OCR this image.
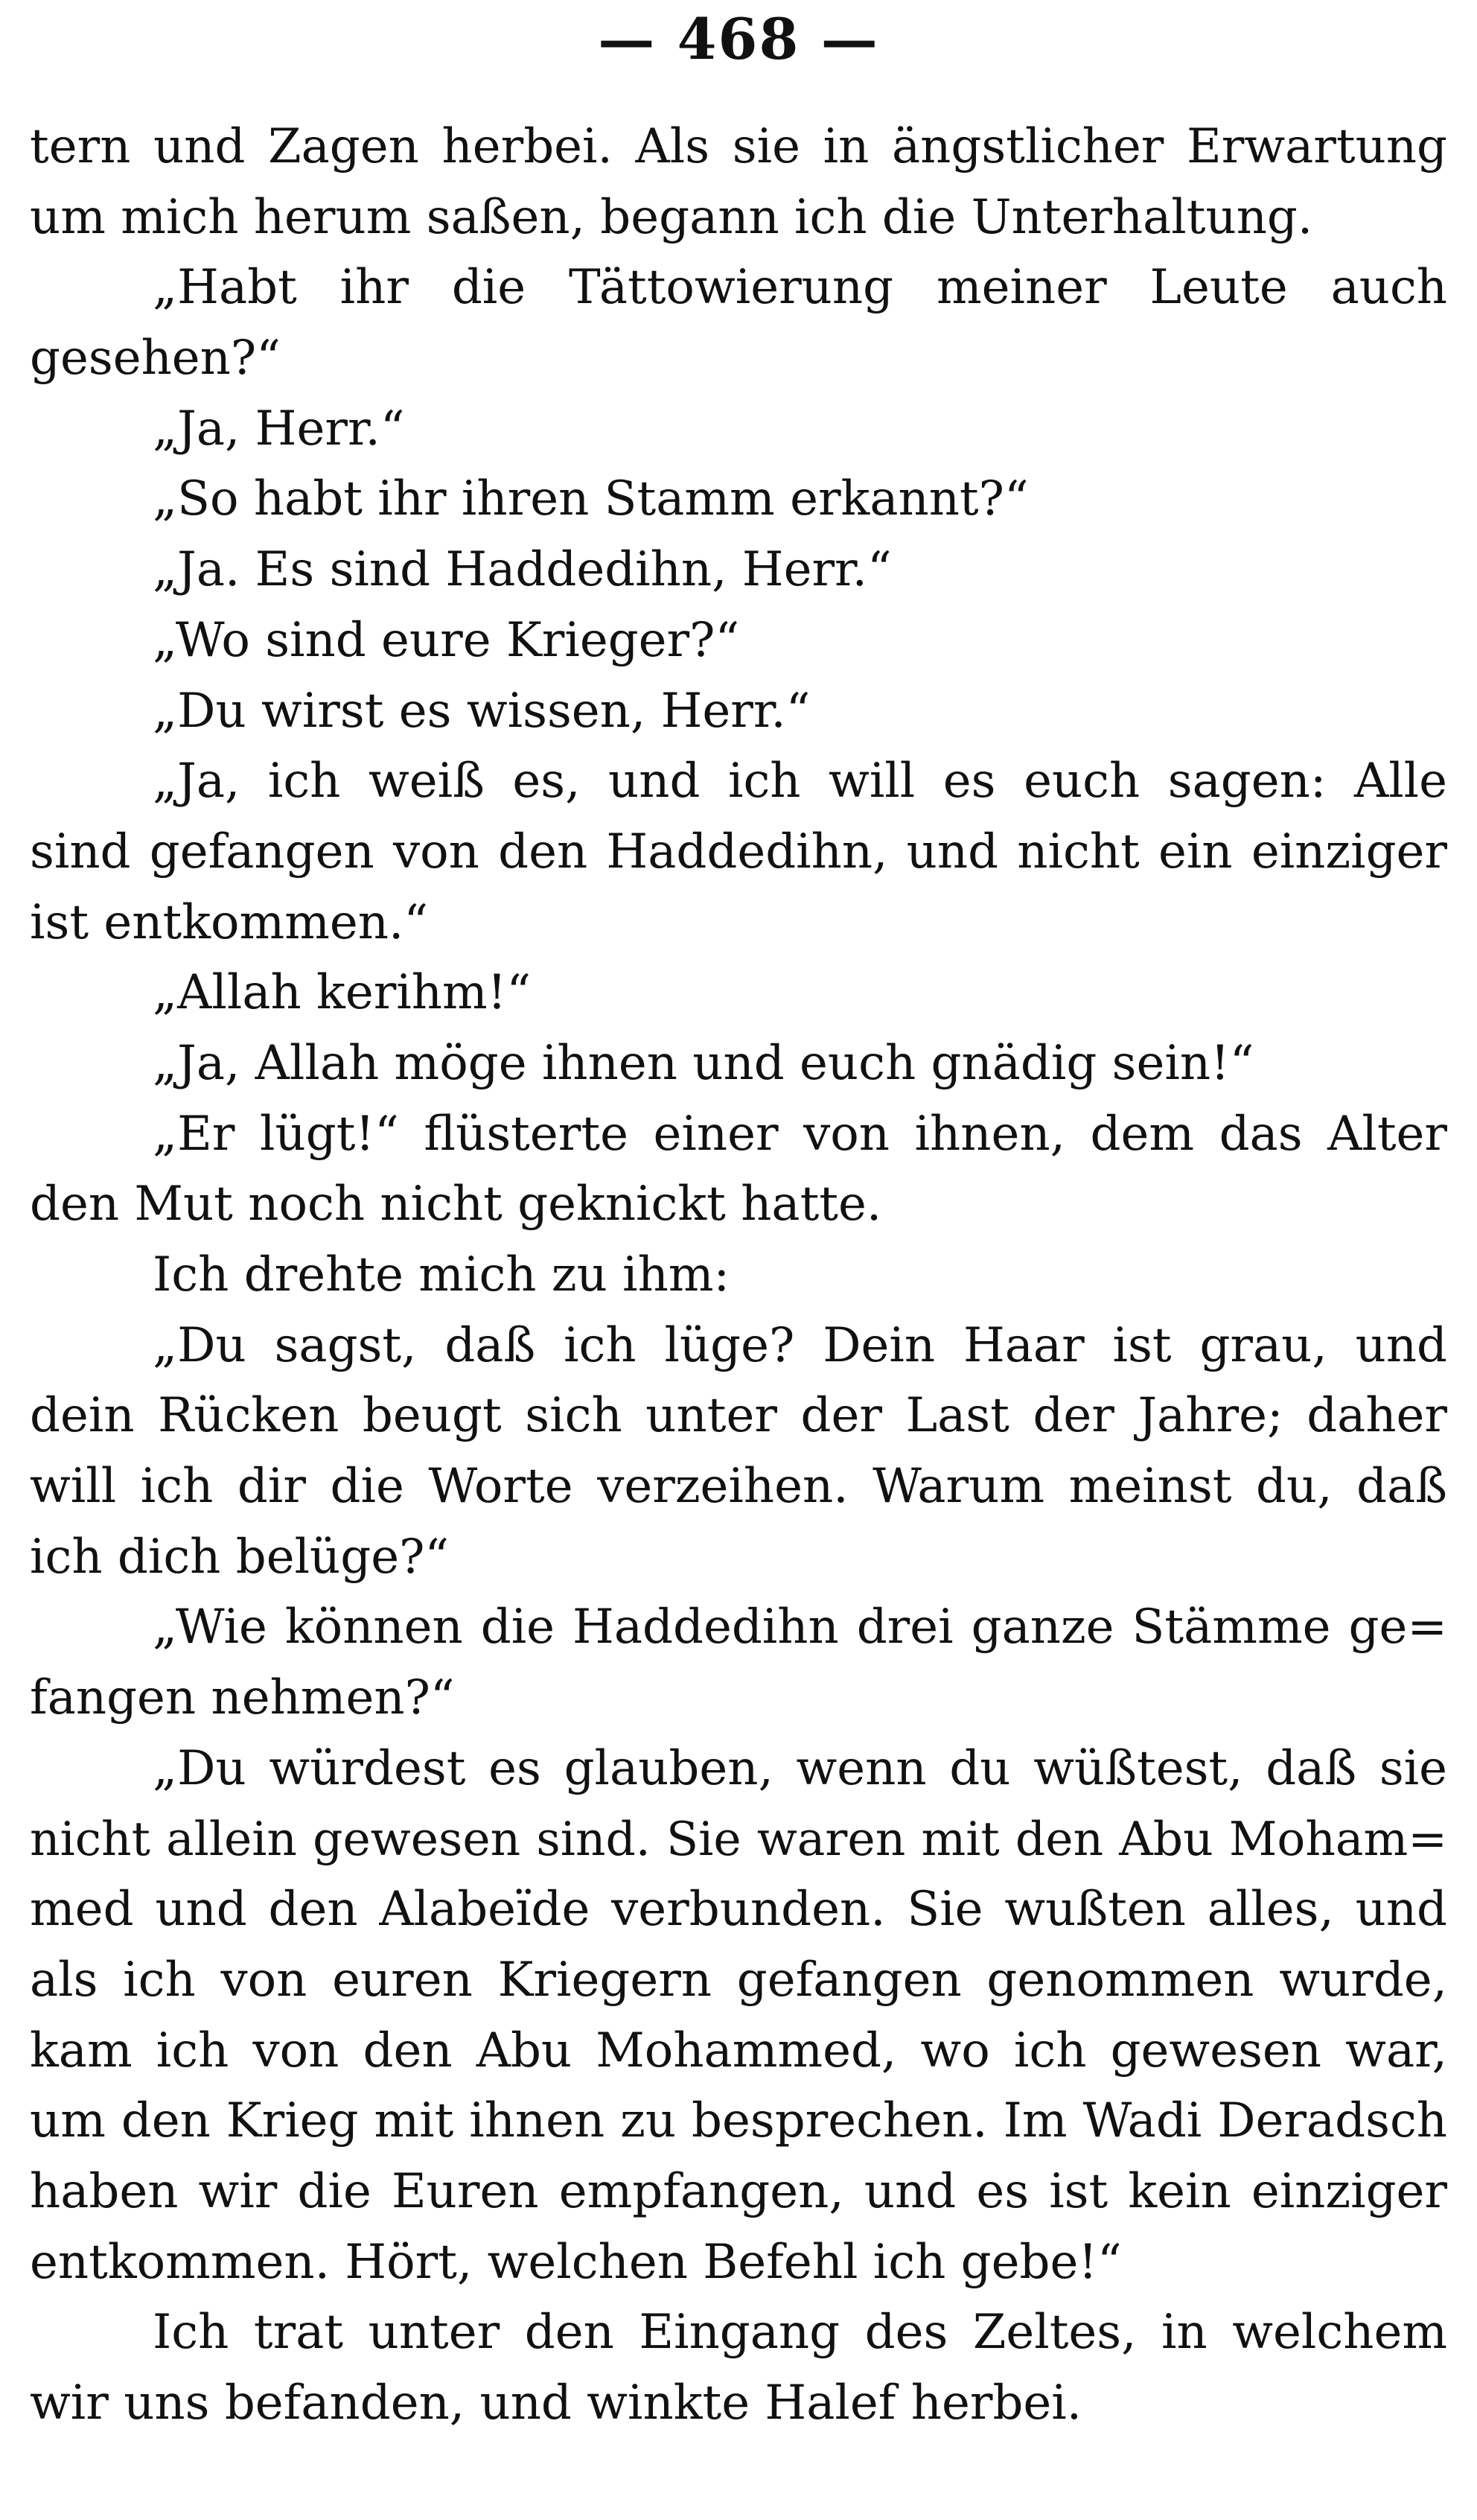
— 468 —
tern und Zagen herbei. Als sie in ängstlicher Erwartung
um mich herum saßen, begann ich die Unterhaltung.
„Habt ihr die Tättowierung meiner Leute auch
gesehen?“
„Ja, Herr.“
„So habt ihr ihren Stamm erkannt?“
„Ja. Es sind Haddedihn, Herr.“
„Wo sind eure Krieger?“
„Du wirst es wissen, Herr.“
„Ja, ich weiß es, und ich will es euch sagen: Alle
sind gefangen von den Haddedihn, und nicht ein einziger
ist entkommen.“
„Allah kerihm!“
„Ja, Allah möge ihnen und euch gnädig sein!“
„Er lügt!“ flüsterte einer von ihnen, dem das Alter
den Mut noch nicht geknickt hatte.
Ich drehte mich zu ihm:
„Du sagst, daß ich lüge? Dein Haar ist grau, und
dein Rücken beugt sich unter der Last der Jahre; daher
will ich dir die Worte verzeihen. Warum meinst du, daß
ich dich belüge?“
„Wie können die Haddedihn drei ganze Stämme ge=
fangen nehmen?“
„Du würdest es glauben, wenn du wüßtest, daß sie
nicht allein gewesen sind. Sie waren mit den Abu Moham=
med und den Alabeïde verbunden. Sie wußten alles, und
als ich von euren Kriegern gefangen genommen wurde,
kam ich von den Abu Mohammed, wo ich gewesen war,
um den Krieg mit ihnen zu besprechen. Im Wadi Deradsch
haben wir die Euren empfangen, und es ist kein einziger
entkommen. Hört, welchen Befehl ich gebe!“
Ich trat unter den Eingang des Zeltes, in welchem
wir uns befanden, und winkte Halef herbei.
